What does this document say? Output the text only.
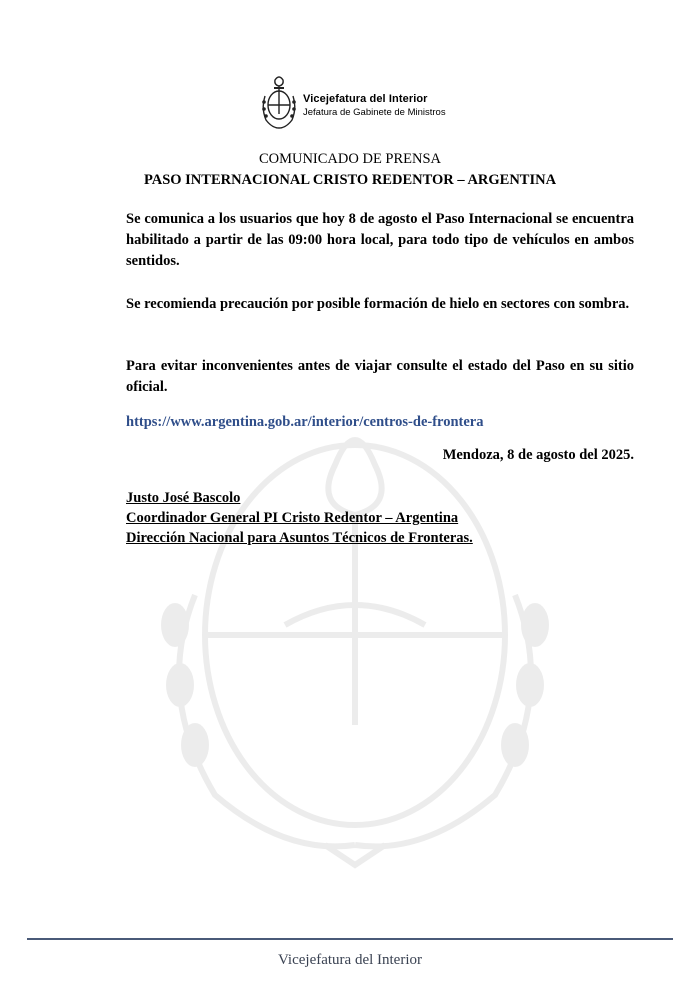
Vicejefatura del Interior
Jefatura de Gabinete de Ministros
COMUNICADO DE PRENSA
PASO INTERNACIONAL CRISTO REDENTOR – ARGENTINA
Se comunica a los usuarios que hoy 8 de agosto el Paso Internacional se encuentra habilitado a partir de las 09:00 hora local, para todo tipo de vehículos en ambos sentidos.
Se recomienda precaución por posible formación de hielo en sectores con sombra.
Para evitar inconvenientes antes de viajar consulte el estado del Paso en su sitio oficial.
https://www.argentina.gob.ar/interior/centros-de-frontera
Mendoza, 8 de agosto del 2025.
Justo José Bascolo
Coordinador General PI Cristo Redentor – Argentina
Dirección Nacional para Asuntos Técnicos de Fronteras.
Vicejefatura del Interior
